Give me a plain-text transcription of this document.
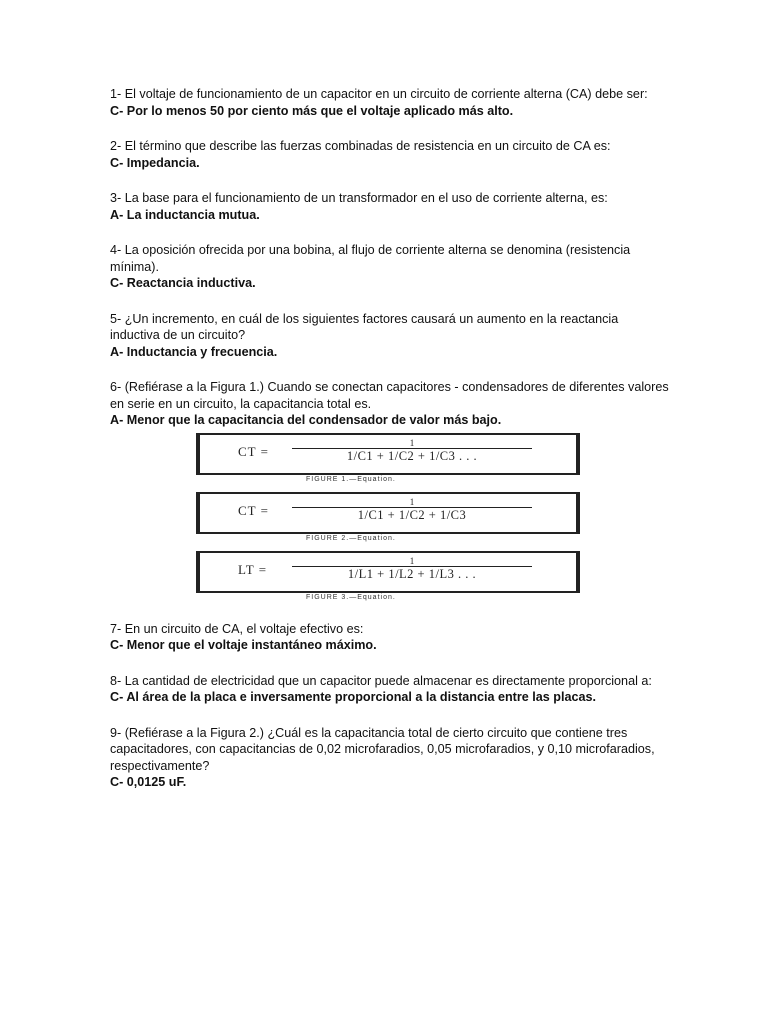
1- El voltaje de funcionamiento de un capacitor en un circuito de corriente alterna (CA) debe ser:
C- Por lo menos 50 por ciento más que el voltaje aplicado más alto.
2- El término que describe las fuerzas combinadas de resistencia en un circuito de CA es:
C- Impedancia.
3- La base para el funcionamiento de un transformador en el uso de corriente alterna, es:
A- La inductancia mutua.
4- La oposición ofrecida por una bobina, al flujo de corriente alterna se denomina (resistencia mínima).
C- Reactancia inductiva.
5- ¿Un incremento, en cuál de los siguientes factores causará un aumento en la reactancia inductiva de un circuito?
A- Inductancia y frecuencia.
6- (Refiérase a la Figura 1.) Cuando se conectan capacitores - condensadores de diferentes valores en serie en un circuito, la capacitancia total es.
A- Menor que la capacitancia del condensador de valor más bajo.
CT =
1
1/C1 + 1/C2 + 1/C3 . . .
FIGURE 1.—Equation.
CT =
1
1/C1 + 1/C2 + 1/C3
FIGURE 2.—Equation.
LT =
1
1/L1 + 1/L2 + 1/L3 . . .
FIGURE 3.—Equation.
7- En un circuito de CA, el voltaje efectivo es:
C- Menor que el voltaje instantáneo máximo.
8- La cantidad de electricidad que un capacitor puede almacenar es directamente proporcional a:
C- Al área de la placa e inversamente proporcional a la distancia entre las placas.
9- (Refiérase a la Figura 2.) ¿Cuál es la capacitancia total de cierto circuito que contiene tres capacitadores, con capacitancias de 0,02 microfaradios, 0,05 microfaradios, y 0,10 microfaradios, respectivamente?
C- 0,0125 uF.
